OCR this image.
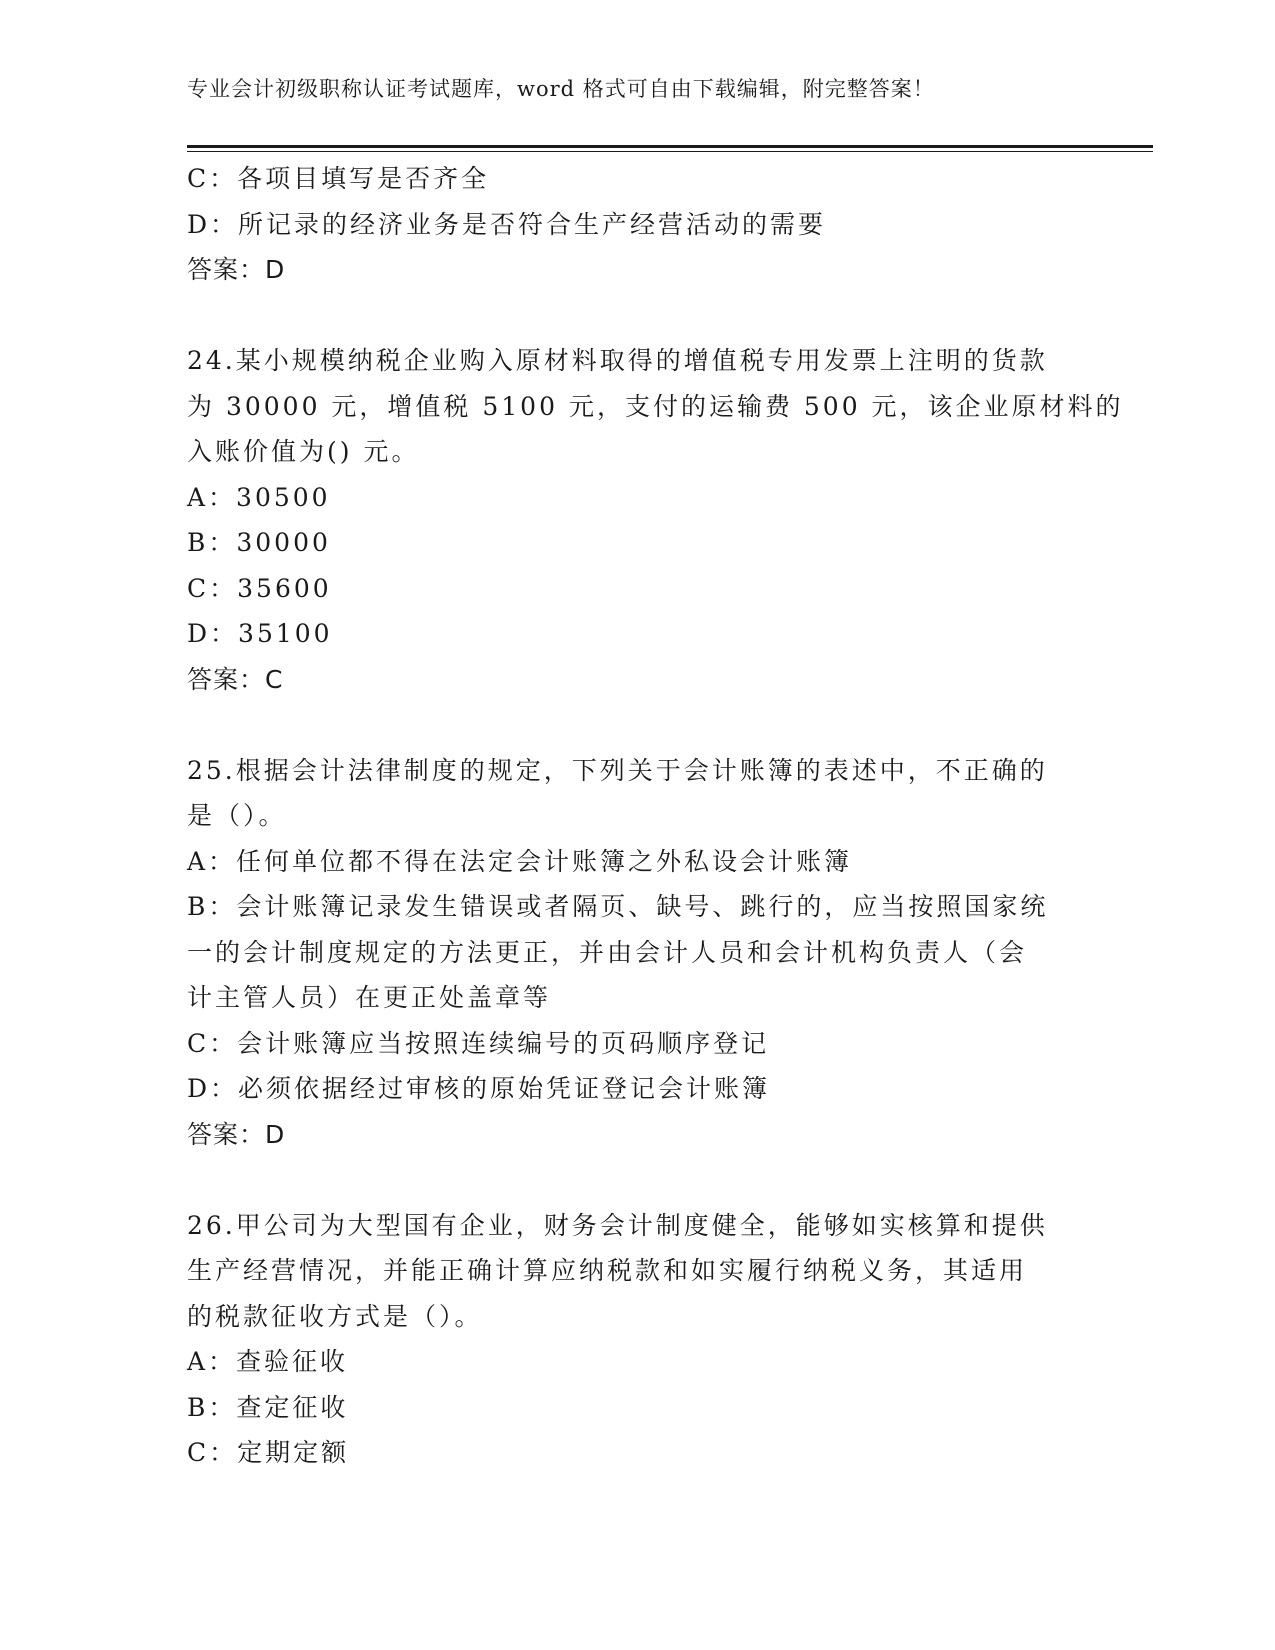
专业会计初级职称认证考试题库，word 格式可自由下载编辑，附完整答案！
C：各项目填写是否齐全
D：所记录的经济业务是否符合生产经营活动的需要
答案：D
24.某小规模纳税企业购入原材料取得的增值税专用发票上注明的货款
为 30000 元，增值税 5100 元，支付的运输费 500 元，该企业原材料的
入账价值为() 元。
A：30500
B：30000
C：35600
D：35100
答案：C
25.根据会计法律制度的规定，下列关于会计账簿的表述中，不正确的
是（）。
A：任何单位都不得在法定会计账簿之外私设会计账簿
B：会计账簿记录发生错误或者隔页、缺号、跳行的，应当按照国家统
一的会计制度规定的方法更正，并由会计人员和会计机构负责人（会
计主管人员）在更正处盖章等
C：会计账簿应当按照连续编号的页码顺序登记
D：必须依据经过审核的原始凭证登记会计账簿
答案：D
26.甲公司为大型国有企业，财务会计制度健全，能够如实核算和提供
生产经营情况，并能正确计算应纳税款和如实履行纳税义务，其适用
的税款征收方式是（）。
A：查验征收
B：查定征收
C：定期定额
